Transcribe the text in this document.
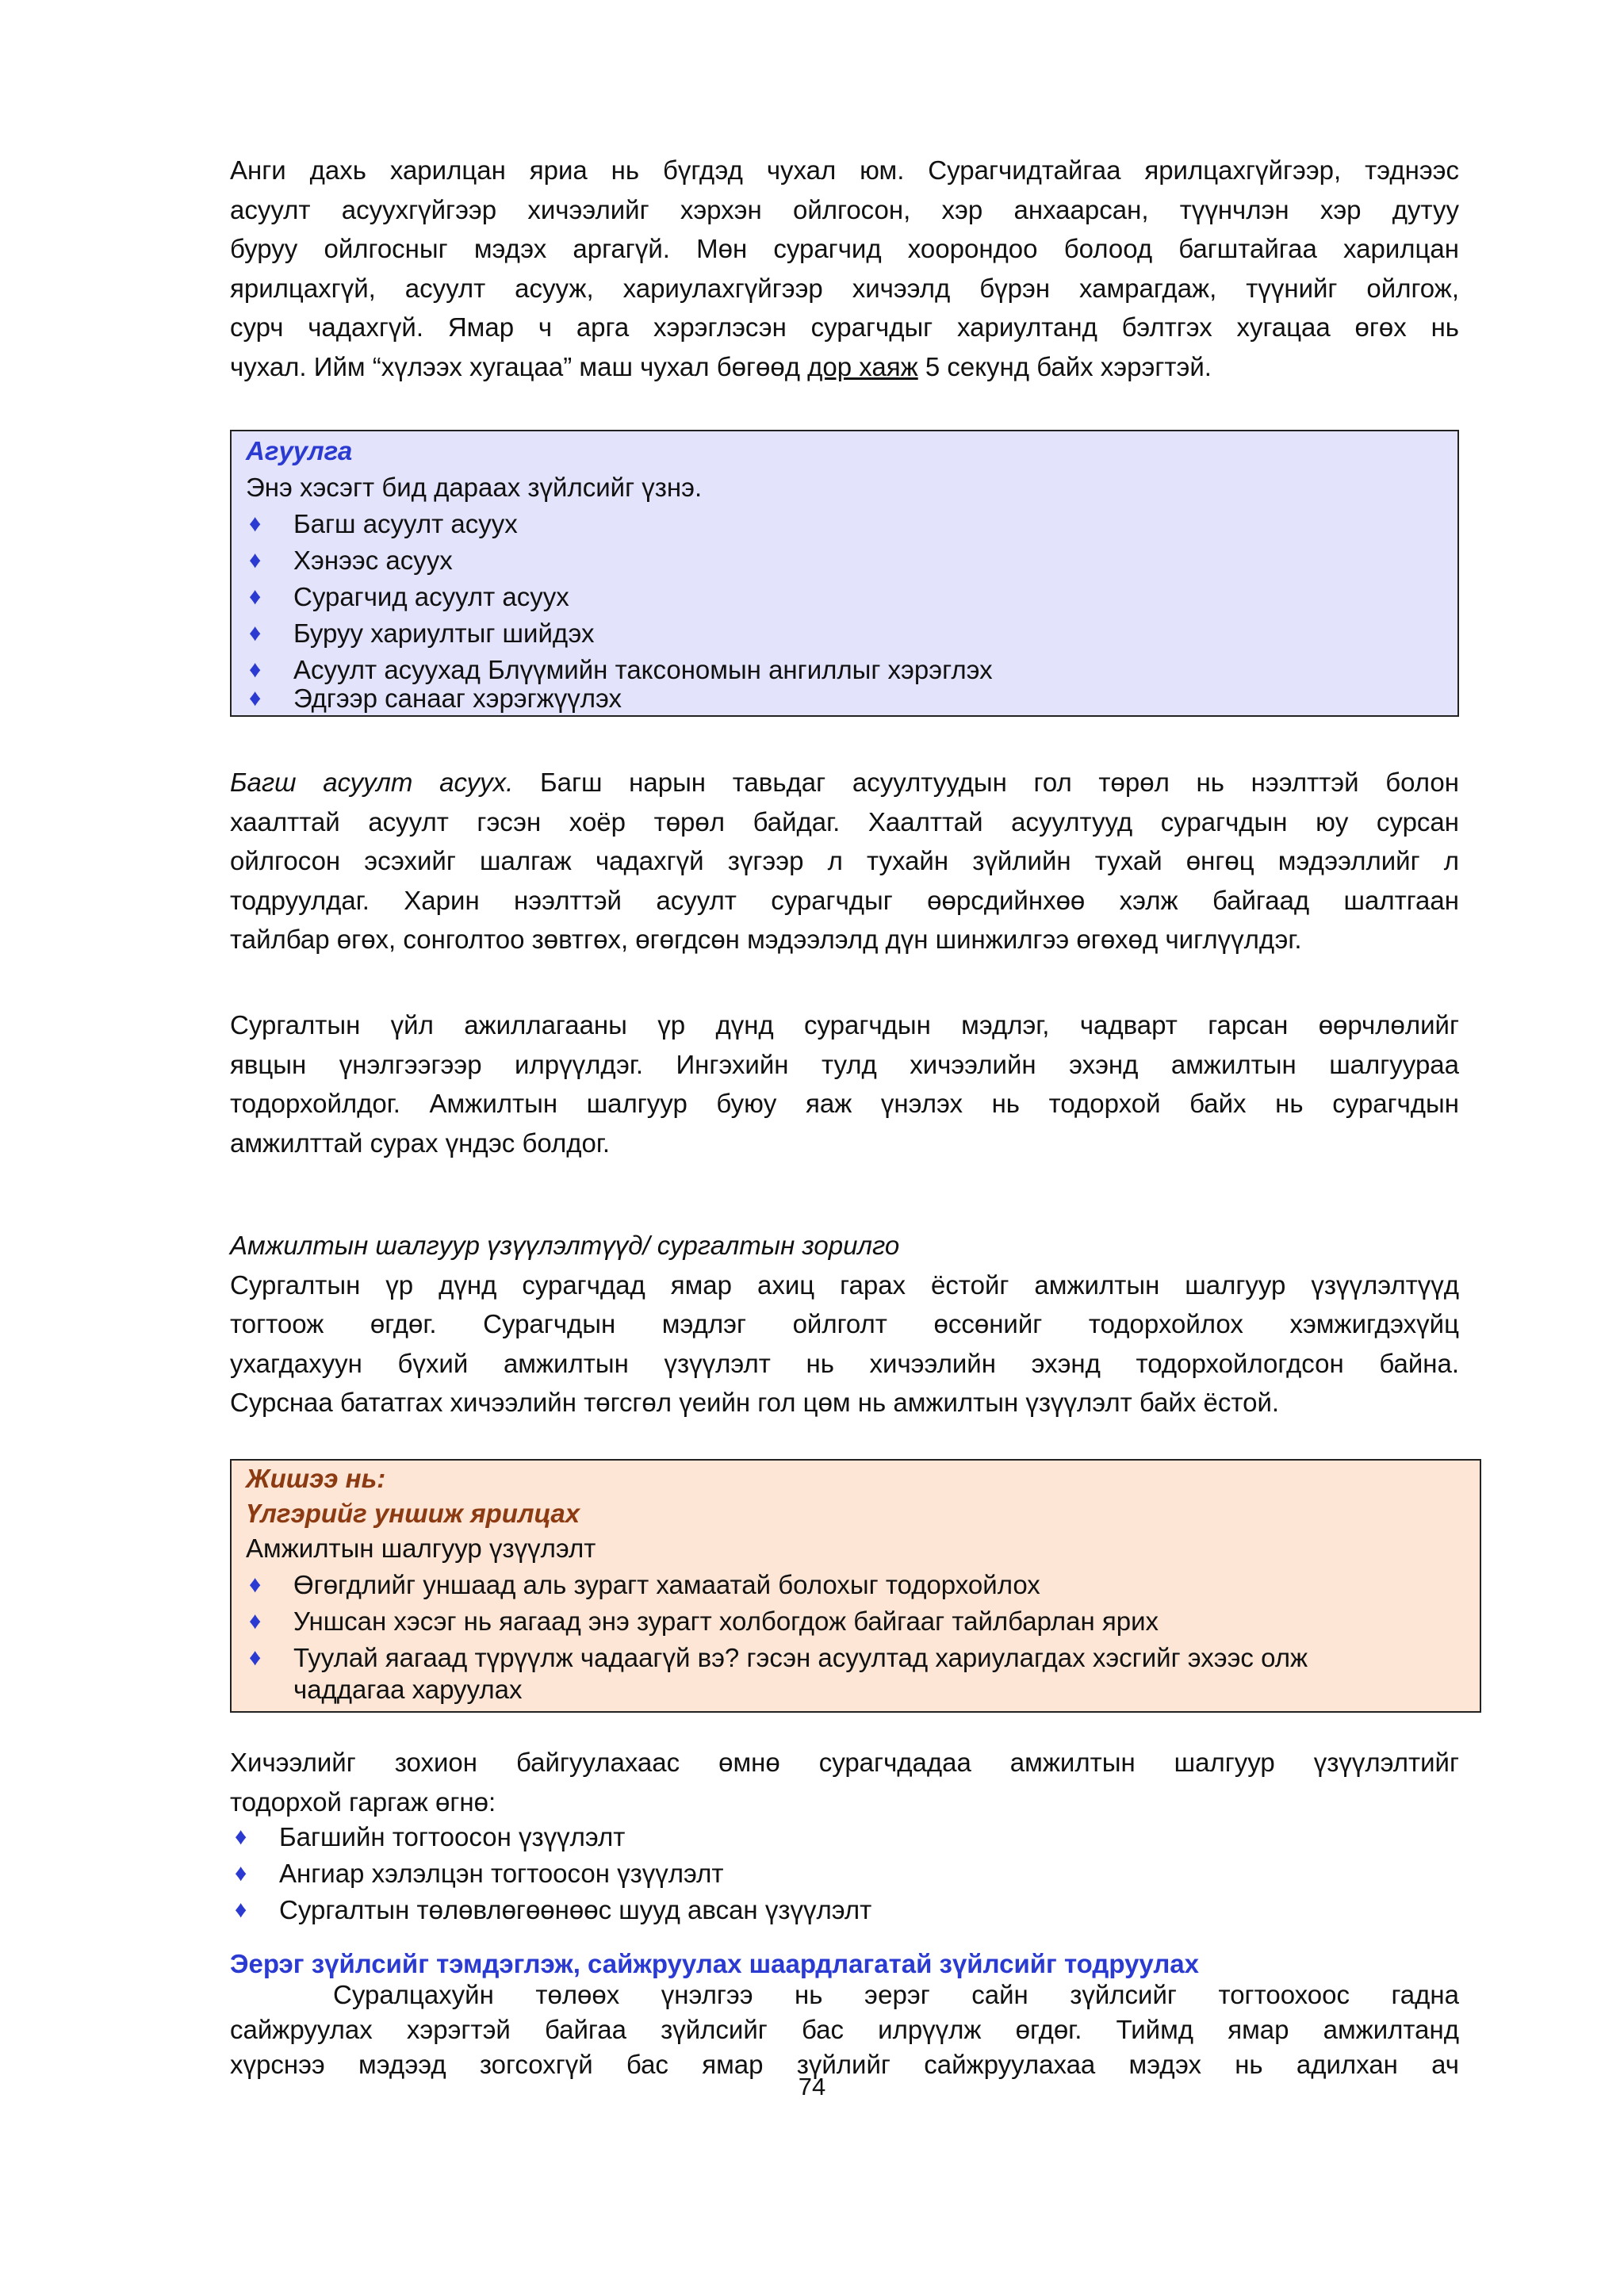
Анги дахь харилцан яриа нь бүгдэд чухал юм. Сурагчидтайгаа ярилцахгүйгээр, тэднээс
асуулт асуухгүйгээр хичээлийг хэрхэн ойлгосон, хэр анхаарсан, түүнчлэн хэр дутуу
буруу ойлгосныг мэдэх аргагүй. Мөн сурагчид хоорондоо болоод багштайгаа харилцан
ярилцахгүй, асуулт асууж, хариулахгүйгээр хичээлд бүрэн хамрагдаж, түүнийг ойлгож,
сурч чадахгүй. Ямар ч арга хэрэглэсэн сурагчдыг хариултанд бэлтгэх хугацаа өгөх нь
чухал. Ийм “хүлээх хугацаа” маш чухал бөгөөд дор хаяж 5 секунд байх хэрэгтэй.
Агуулга
Энэ хэсэгт бид дараах зүйлсийг үзнэ.
♦ Багш асуулт асуух
♦ Хэнээс асуух
♦ Сурагчид асуулт асуух
♦ Буруу хариултыг шийдэх
♦ Асуулт асуухад Блүүмийн таксономын ангиллыг хэрэглэх
♦ Эдгээр санааг хэрэгжүүлэх
Багш асуулт асуух. Багш нарын тавьдаг асуултуудын гол төрөл нь нээлттэй болон
хаалттай асуулт гэсэн хоёр төрөл байдаг. Хаалттай асуултууд сурагчдын юу сурсан
ойлгосон эсэхийг шалгаж чадахгүй зүгээр л тухайн зүйлийн тухай өнгөц мэдээллийг л
тодруулдаг. Харин нээлттэй асуулт сурагчдыг өөрсдийнхөө хэлж байгаад шалтгаан
тайлбар өгөх, сонголтоо зөвтгөх, өгөгдсөн мэдээлэлд дүн шинжилгээ өгөхөд чиглүүлдэг.
Сургалтын үйл ажиллагааны үр дүнд сурагчдын мэдлэг, чадварт гарсан өөрчлөлийг
явцын үнэлгээгээр илрүүлдэг. Ингэхийн тулд хичээлийн эхэнд амжилтын шалгуураа
тодорхойлдог. Амжилтын шалгуур буюу яаж үнэлэх нь тодорхой байх нь сурагчдын
амжилттай сурах үндэс болдог.
Амжилтын шалгуур үзүүлэлтүүд/ сургалтын зорилго
Сургалтын үр дүнд сурагчдад ямар ахиц гарах ёстойг амжилтын шалгуур үзүүлэлтүүд
тогтоож өгдөг. Сурагчдын мэдлэг ойлголт өссөнийг тодорхойлох хэмжигдэхүйц
ухагдахуун бүхий амжилтын үзүүлэлт нь хичээлийн эхэнд тодорхойлогдсон байна.
Сурснаа бататгах хичээлийн төгсгөл үеийн гол цөм нь амжилтын үзүүлэлт байх ёстой.
Жишээ нь:
Үлгэрийг уншиж ярилцах
Амжилтын шалгуур үзүүлэлт
♦ Өгөгдлийг уншаад аль зурагт хамаатай болохыг тодорхойлох
♦ Уншсан хэсэг нь яагаад энэ зурагт холбогдож байгааг тайлбарлан ярих
♦ Туулай яагаад түрүүлж чадаагүй вэ? гэсэн асуултад хариулагдах хэсгийг эхээс олж
чаддагаа харуулах
Хичээлийг зохион байгуулахаас өмнө сурагчдадаа амжилтын шалгуур үзүүлэлтийг
тодорхой гаргаж өгнө:
♦ Багшийн тогтоосон үзүүлэлт
♦ Ангиар хэлэлцэн тогтоосон үзүүлэлт
♦ Сургалтын төлөвлөгөөнөөс шууд авсан үзүүлэлт
Эерэг зүйлсийг тэмдэглэж, сайжруулах шаардлагатай зүйлсийг тодруулах
Суралцахуйн төлөөх үнэлгээ нь эерэг сайн зүйлсийг тогтоохоос гадна
сайжруулах хэрэгтэй байгаа зүйлсийг бас илрүүлж өгдөг. Тиймд ямар амжилтанд
хүрснээ мэдээд зогсохгүй бас ямар зүйлийг сайжруулахаа мэдэх нь адилхан ач
74
